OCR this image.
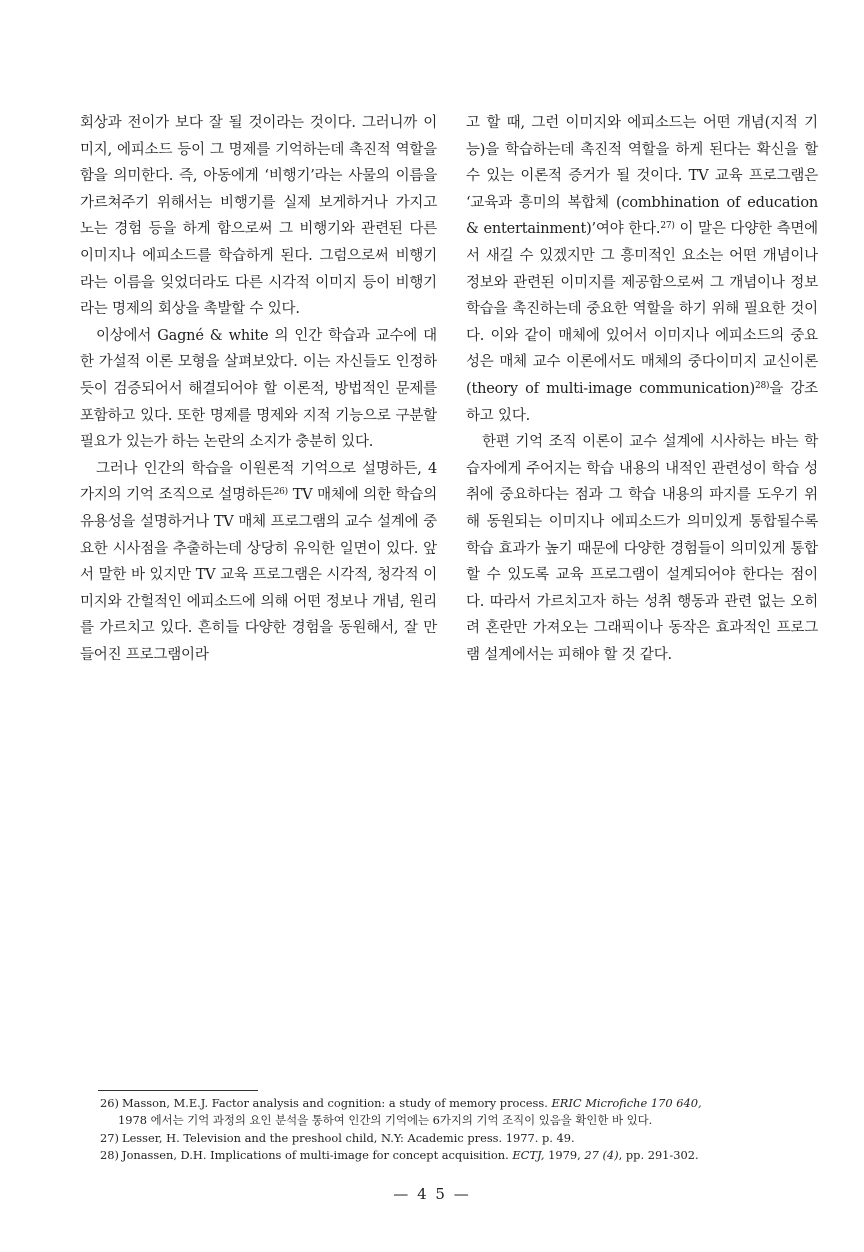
회상과 전이가 보다 잘 될 것이라는 것이다. 그러니까 이미지, 에피소드 등이 그 명제를 기억하는데 촉진적 역할을 함을 의미한다. 즉, 아동에게 ‘비행기’라는 사물의 이름을 가르쳐주기 위해서는 비행기를 실제 보게하거나 가지고 노는 경험 등을 하게 함으로써 그 비행기와 관련된 다른 이미지나 에피소드를 학습하게 된다. 그럼으로써 비행기라는 이름을 잊었더라도 다른 시각적 이미지 등이 비행기라는 명제의 회상을 촉발할 수 있다.

이상에서 Gagné & white 의 인간 학습과 교수에 대한 가설적 이론 모형을 살펴보았다. 이는 자신들도 인정하듯이 검증되어서 해결되어야 할 이론적, 방법적인 문제를 포함하고 있다. 또한 명제를 명제와 지적 기능으로 구분할 필요가 있는가 하는 논란의 소지가 충분히 있다.

그러나 인간의 학습을 이원론적 기억으로 설명하든, 4가지의 기억 조직으로 설명하든$^{26)}$ TV 매체에 의한 학습의 유용성을 설명하거나 TV 매체 프로그램의 교수 설계에 중요한 시사점을 추출하는데 상당히 유익한 일면이 있다. 앞서 말한 바 있지만 TV 교육 프로그램은 시각적, 청각적 이미지와 간헐적인 에피소드에 의해 어떤 정보나 개념, 원리를 가르치고 있다. 흔히들 다양한 경험을 동원해서, 잘 만들어진 프로그램이라

고 할 때, 그런 이미지와 에피소드는 어떤 개념(지적 기능)을 학습하는데 촉진적 역할을 하게 된다는 확신을 할 수 있는 이론적 증거가 될 것이다. TV 교육 프로그램은 ‘교육과 흥미의 복합체 (combhination of education & entertainment)’여야 한다.$^{27)}$ 이 말은 다양한 측면에서 새길 수 있겠지만 그 흥미적인 요소는 어떤 개념이나 정보와 관련된 이미지를 제공함으로써 그 개념이나 정보 학습을 촉진하는데 중요한 역할을 하기 위해 필요한 것이다. 이와 같이 매체에 있어서 이미지나 에피소드의 중요성은 매체 교수 이론에서도 매체의 중다이미지 교신이론 (theory of multi-image communication)$^{28)}$을 강조하고 있다.

한편 기억 조직 이론이 교수 설계에 시사하는 바는 학습자에게 주어지는 학습 내용의 내적인 관련성이 학습 성취에 중요하다는 점과 그 학습 내용의 파지를 도우기 위해 동원되는 이미지나 에피소드가 의미있게 통합될수록 학습 효과가 높기 때문에 다양한 경험들이 의미있게 통합할 수 있도록 교육 프로그램이 설계되어야 한다는 점이다. 따라서 가르치고자 하는 성취 행동과 관련 없는 오히려 혼란만 가져오는 그래픽이나 동작은 효과적인 프로그램 설계에서는 피해야 할 것 같다.

26) Masson, M.E.J. Factor analysis and cognition: a study of memory process. ERIC Microfiche 170 640,
1978 에서는 기억 과정의 요인 분석을 통하여 인간의 기억에는 6가지의 기억 조직이 있음을 확인한 바 있다.

27) Lesser, H. Television and the preshool child, N.Y: Academic press. 1977. p. 49.

28) Jonassen, D.H. Implications of multi-image for concept acquisition. ECTJ, 1979, 27 (4), pp. 291-302.

— 4 5 —
